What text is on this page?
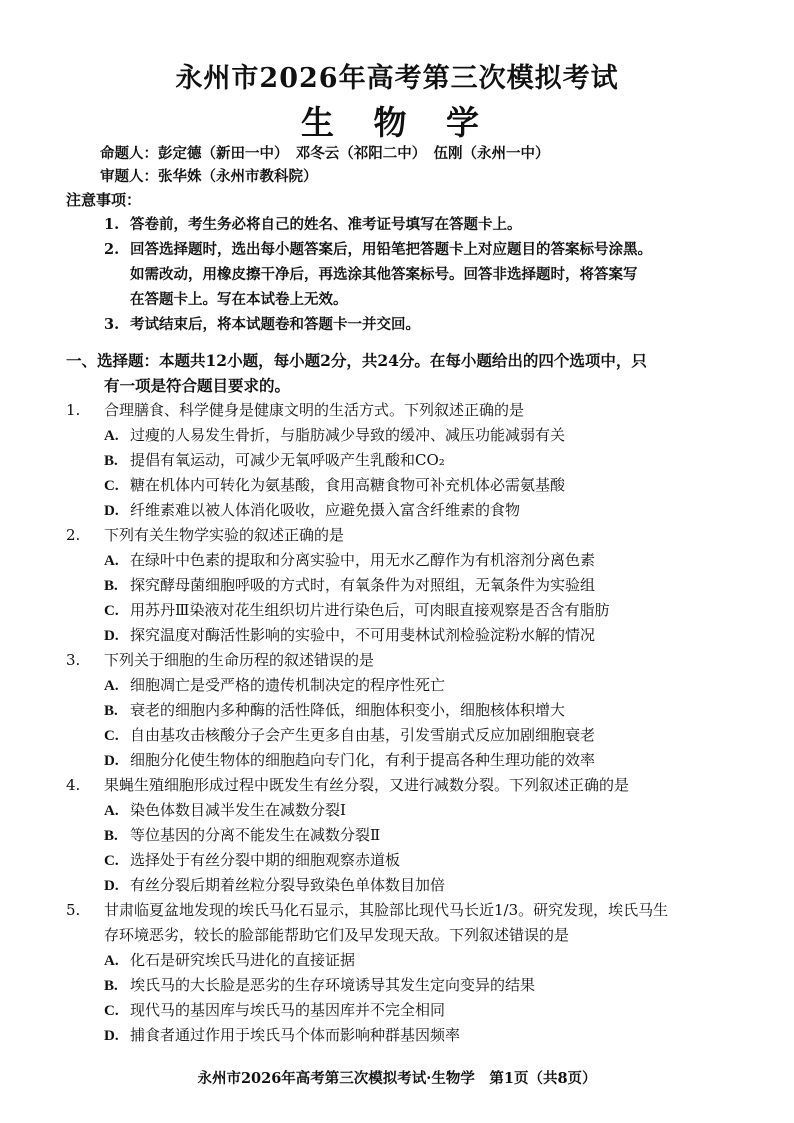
永州市2026年高考第三次模拟考试
生 物 学
命题人：彭定德（新田一中）　邓冬云（祁阳二中）　伍刚（永州一中）
审题人：张华姝（永州市教科院）
注意事项：
1. 答卷前，考生务必将自己的姓名、准考证号填写在答题卡上。
2. 回答选择题时，选出每小题答案后，用铅笔把答题卡上对应题目的答案标号涂黑。
如需改动，用橡皮擦干净后，再选涂其他答案标号。回答非选择题时，将答案写
在答题卡上。写在本试卷上无效。
3. 考试结束后，将本试题卷和答题卡一并交回。
一、选择题：本题共12小题，每小题2分，共24分。在每小题给出的四个选项中，只
有一项是符合题目要求的。
1. 合理膳食、科学健身是健康文明的生活方式。下列叙述正确的是
A. 过瘦的人易发生骨折，与脂肪减少导致的缓冲、减压功能减弱有关
B. 提倡有氧运动，可减少无氧呼吸产生乳酸和CO₂
C. 糖在机体内可转化为氨基酸，食用高糖食物可补充机体必需氨基酸
D. 纤维素难以被人体消化吸收，应避免摄入富含纤维素的食物
2. 下列有关生物学实验的叙述正确的是
A. 在绿叶中色素的提取和分离实验中，用无水乙醇作为有机溶剂分离色素
B. 探究酵母菌细胞呼吸的方式时，有氧条件为对照组，无氧条件为实验组
C. 用苏丹Ⅲ染液对花生组织切片进行染色后，可肉眼直接观察是否含有脂肪
D. 探究温度对酶活性影响的实验中，不可用斐林试剂检验淀粉水解的情况
3. 下列关于细胞的生命历程的叙述错误的是
A. 细胞凋亡是受严格的遗传机制决定的程序性死亡
B. 衰老的细胞内多种酶的活性降低，细胞体积变小，细胞核体积增大
C. 自由基攻击核酸分子会产生更多自由基，引发雪崩式反应加剧细胞衰老
D. 细胞分化使生物体的细胞趋向专门化，有利于提高各种生理功能的效率
4. 果蝇生殖细胞形成过程中既发生有丝分裂，又进行减数分裂。下列叙述正确的是
A. 染色体数目减半发生在减数分裂Ⅰ
B. 等位基因的分离不能发生在减数分裂Ⅱ
C. 选择处于有丝分裂中期的细胞观察赤道板
D. 有丝分裂后期着丝粒分裂导致染色单体数目加倍
5. 甘肃临夏盆地发现的埃氏马化石显示，其脸部比现代马长近1/3。研究发现，埃氏马生
存环境恶劣，较长的脸部能帮助它们及早发现天敌。下列叙述错误的是
A. 化石是研究埃氏马进化的直接证据
B. 埃氏马的大长脸是恶劣的生存环境诱导其发生定向变异的结果
C. 现代马的基因库与埃氏马的基因库并不完全相同
D. 捕食者通过作用于埃氏马个体而影响种群基因频率
永州市2026年高考第三次模拟考试·生物学　第1页（共8页）
